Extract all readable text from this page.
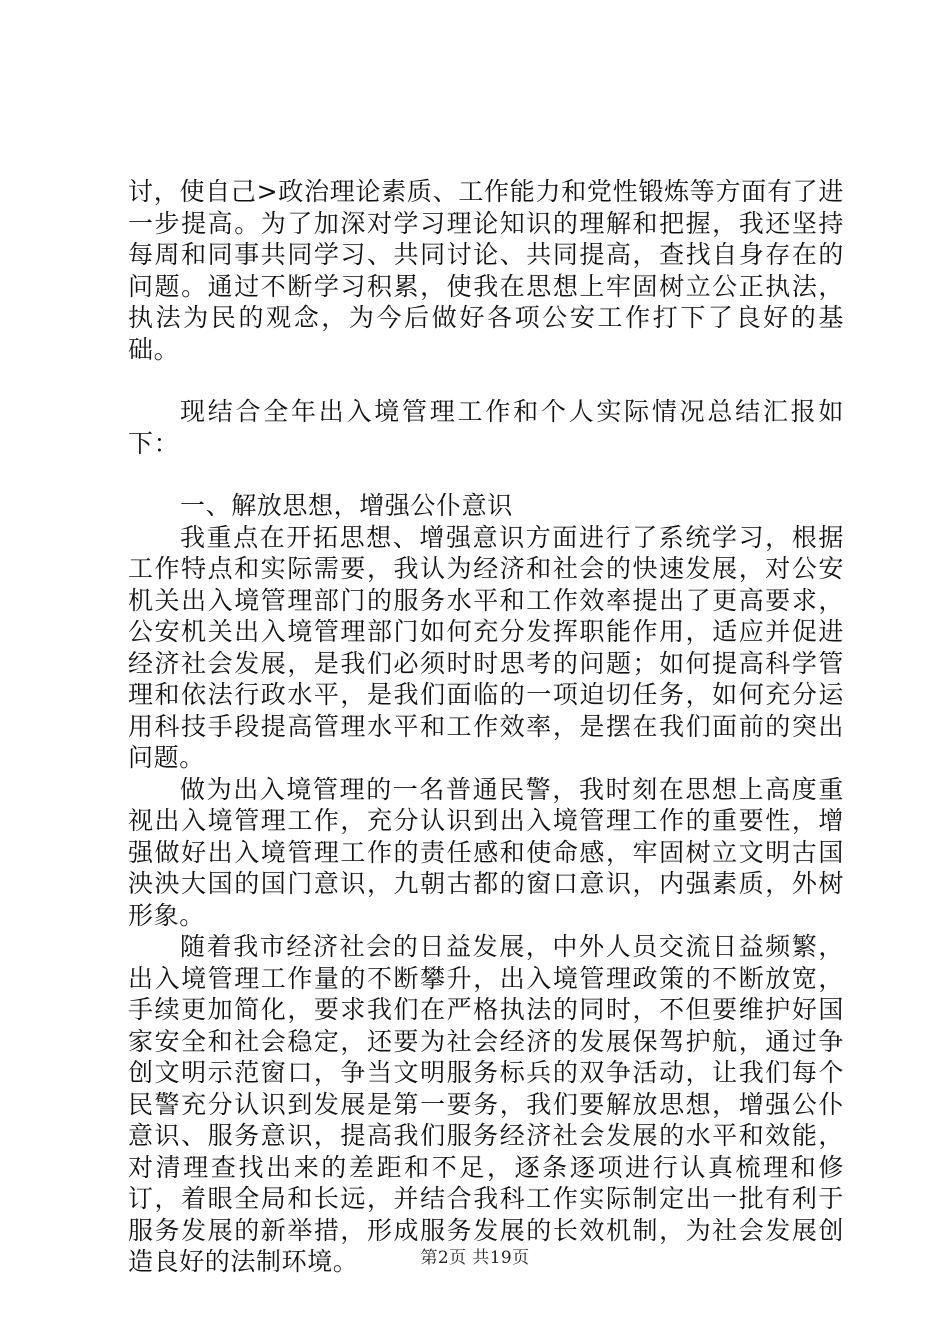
讨，使自己>政治理论素质、工作能力和党性锻炼等方面有了进一步提高。为了加深对学习理论知识的理解和把握，我还坚持每周和同事共同学习、共同讨论、共同提高，查找自身存在的问题。通过不断学习积累，使我在思想上牢固树立公正执法，执法为民的观念，为今后做好各项公安工作打下了良好的基础。

现结合全年出入境管理工作和个人实际情况总结汇报如下：

一、解放思想，增强公仆意识

我重点在开拓思想、增强意识方面进行了系统学习，根据工作特点和实际需要，我认为经济和社会的快速发展，对公安机关出入境管理部门的服务水平和工作效率提出了更高要求，公安机关出入境管理部门如何充分发挥职能作用，适应并促进经济社会发展，是我们必须时时思考的问题；如何提高科学管理和依法行政水平，是我们面临的一项迫切任务，如何充分运用科技手段提高管理水平和工作效率，是摆在我们面前的突出问题。

做为出入境管理的一名普通民警，我时刻在思想上高度重视出入境管理工作，充分认识到出入境管理工作的重要性，增强做好出入境管理工作的责任感和使命感，牢固树立文明古国泱泱大国的国门意识，九朝古都的窗口意识，内强素质，外树形象。

随着我市经济社会的日益发展，中外人员交流日益频繁，出入境管理工作量的不断攀升，出入境管理政策的不断放宽，手续更加简化，要求我们在严格执法的同时，不但要维护好国家安全和社会稳定，还要为社会经济的发展保驾护航，通过争创文明示范窗口，争当文明服务标兵的双争活动，让我们每个民警充分认识到发展是第一要务，我们要解放思想，增强公仆意识、服务意识，提高我们服务经济社会发展的水平和效能，对清理查找出来的差距和不足，逐条逐项进行认真梳理和修订，着眼全局和长远，并结合我科工作实际制定出一批有利于服务发展的新举措，形成服务发展的长效机制，为社会发展创造良好的法制环境。	第2页 共19页
